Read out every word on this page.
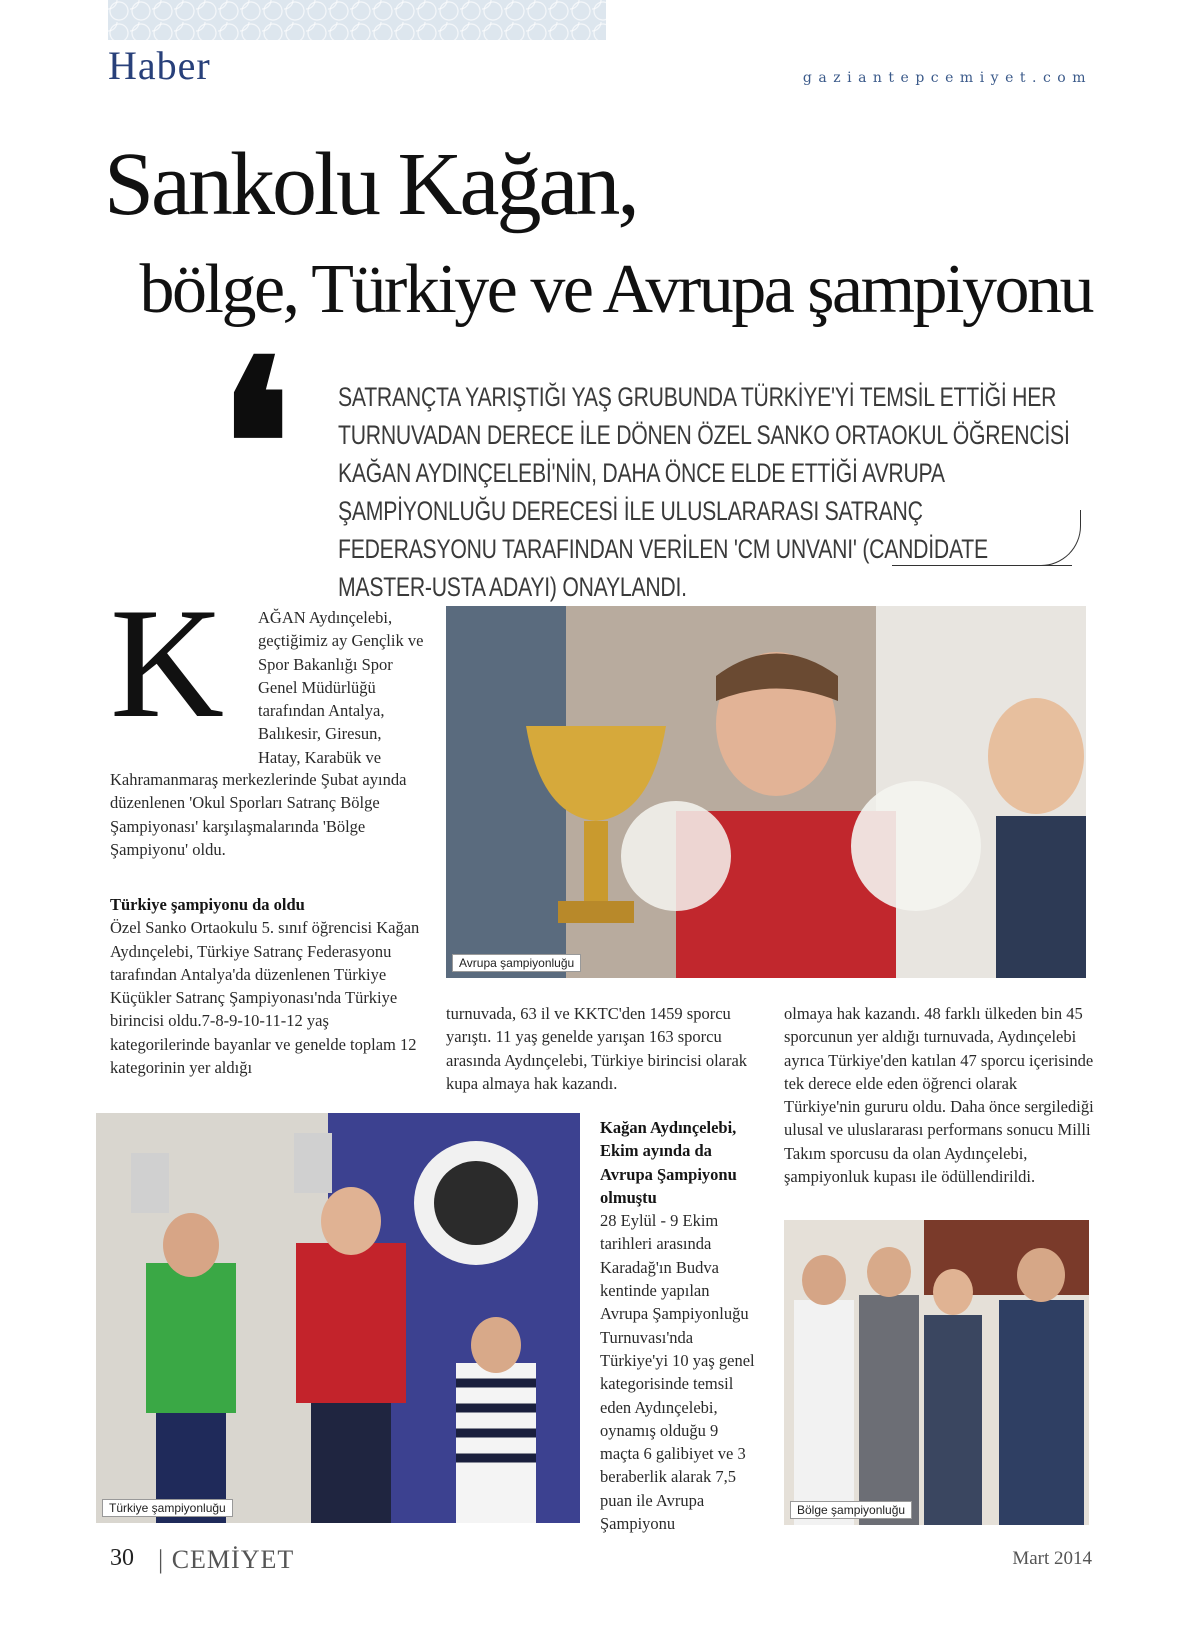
Haber	gaziantepcemiyet.com
Sankolu Kağan,
bölge, Türkiye ve Avrupa şampiyonu
❛ SATRANÇTA YARIŞTIĞI YAŞ GRUBUNDA TÜRKİYE'Yİ TEMSİL ETTİĞİ HER TURNUVADAN DERECE İLE DÖNEN ÖZEL SANKO ORTAOKUL ÖĞRENCİSİ KAĞAN AYDINÇELEBİ'NİN, DAHA ÖNCE ELDE ETTİĞİ AVRUPA ŞAMPİYONLUĞU DERECESİ İLE ULUSLARARASI SATRANÇ FEDERASYONU TARAFINDAN VERİLEN 'CM UNVANI' (CANDİDATE MASTER-USTA ADAYI) ONAYLANDI.
K AĞAN Aydınçelebi, geçtiğimiz ay Gençlik ve Spor Bakanlığı Spor Genel Müdürlüğü tarafından Antalya, Balıkesir, Giresun, Hatay, Karabük ve
Kahramanmaraş merkezlerinde Şubat ayında düzenlenen 'Okul Sporları Satranç Bölge Şampiyonası' karşılaşmalarında 'Bölge Şampiyonu' oldu.
Türkiye şampiyonu da oldu
Özel Sanko Ortaokulu 5. sınıf öğrencisi Kağan Aydınçelebi, Türkiye Satranç Federasyonu tarafından Antalya'da düzenlenen Türkiye Küçükler Satranç Şampiyonası'nda Türkiye birincisi oldu.7-8-9-10-11-12 yaş kategorilerinde bayanlar ve genelde toplam 12 kategorinin yer aldığı
Avrupa şampiyonluğu
turnuvada, 63 il ve KKTC'den 1459 sporcu yarıştı. 11 yaş genelde yarışan 163 sporcu arasında Aydınçelebi, Türkiye birincisi olarak kupa almaya hak kazandı.
olmaya hak kazandı. 48 farklı ülkeden bin 45 sporcunun yer aldığı turnuvada, Aydınçelebi ayrıca Türkiye'den katılan 47 sporcu içerisinde tek derece elde eden öğrenci olarak Türkiye'nin gururu oldu. Daha önce sergilediği ulusal ve uluslararası performans sonucu Milli Takım sporcusu da olan Aydınçelebi, şampiyonluk kupası ile ödüllendirildi.
Türkiye şampiyonluğu
Kağan Aydınçelebi, Ekim ayında da Avrupa Şampiyonu olmuştu
28 Eylül - 9 Ekim tarihleri arasında Karadağ'ın Budva kentinde yapılan Avrupa Şampiyonluğu Turnuvası'nda Türkiye'yi 10 yaş genel kategorisinde temsil eden Aydınçelebi, oynamış olduğu 9 maçta 6 galibiyet ve 3 beraberlik alarak 7,5 puan ile Avrupa Şampiyonu
Bölge şampiyonluğu
30 | CEMİYET	Mart 2014
